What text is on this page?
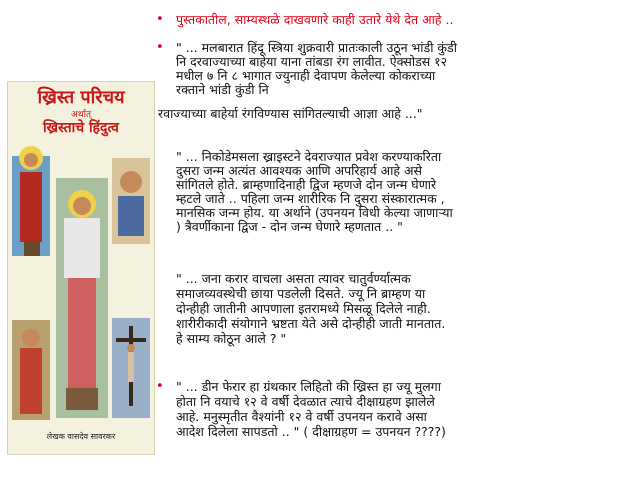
• पुस्तकातील, साम्यस्थळे दाखवणारे काही उतारे येथे देत आहे ..
• " ... मलबारात हिंदू स्त्रिया शुक्रवारी प्रातःकाली उठून भांडी कुंडी
नि दरवाज्याच्या बाहेया याना तांबडा रंग लावीत. ऐक्सोडस १२
मधील ७ नि ८ भागात ज्युनाही देवापण केलेल्या कोकराच्या
रक्ताने भांडी कुंडी नि
रवाज्याच्या बाहेर्या रंगविण्यास सांगितल्याची आज्ञा आहे ..."
" ... निकोडेमसला ख्राइस्टने देवराज्यात प्रवेश करण्याकरिता
दुसरा जन्म अत्यंत आवश्यक आणि अपरिहार्य आहे असे
सांगितले होते. ब्राम्हणादिनाही द्विज म्हणजे दोन जन्म घेणारे
म्हटले जाते .. पहिला जन्म शारीरिक नि दुसरा संस्कारात्मक ,
मानसिक जन्म होय. या अर्थाने (उपनयन विधी केल्या जाणाऱ्या
) त्रैवर्णीकाना द्विज - दोन जन्म घेणारे म्हणतात .. "
" ... जना करार वाचला असता त्यावर चातुर्वर्ण्यात्मक
समाजव्यवस्थेची छाया पडलेली दिसते. ज्यू नि ब्राम्हण या
दोन्हीही जातीनी आपणाला इतरामध्ये मिसळू दिलेले नाही.
शारीरीकादी संयोगाने भ्रष्टता येते असे दोन्हीही जाती मानतात.
हे साम्य कोठून आले ? "
• " ... डीन फेरार हा ग्रंथकार लिहितो की ख्रिस्त हा ज्यू मुलगा
होता नि वयाचे १२ वे वर्षी देवळात त्याचे दीक्षाग्रहण झालेले
आहे. मनुस्मृतीत वैश्यांनी १२ वे वर्षी उपनयन करावे असा
आदेश दिलेला सापडतो .. " ( दीक्षाग्रहण = उपनयन ????)
ख्रिस्त परिचय
अर्थात्
ख्रिस्ताचे हिंदुत्व
लेखक वासदेव सावरकर
